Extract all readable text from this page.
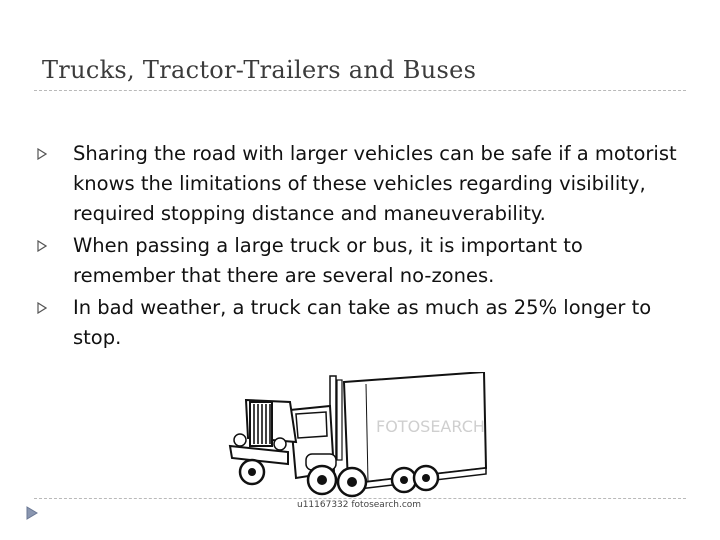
Trucks, Tractor-Trailers and Buses
Sharing the road with larger vehicles can be safe if a motorist knows the limitations of these vehicles regarding visibility, required stopping distance and maneuverability.
When passing a large truck or bus, it is important to remember that there are several no-zones.
In bad weather, a truck can take as much as 25% longer to stop.
FOTOSEARCH
u11167332 fotosearch.com
